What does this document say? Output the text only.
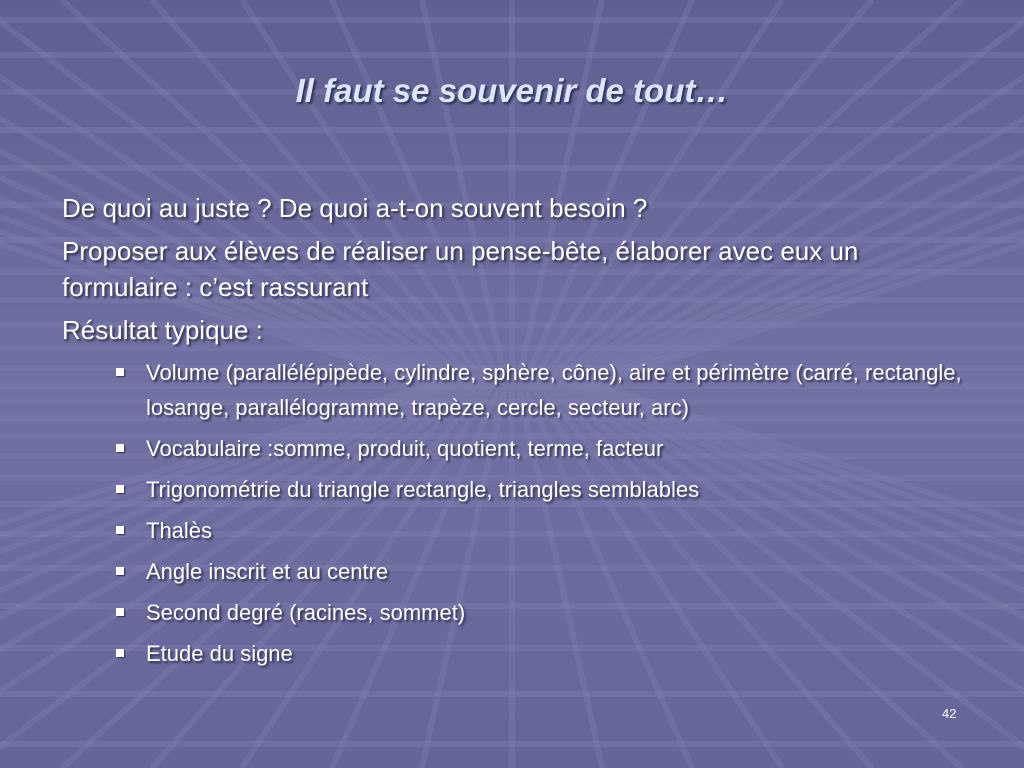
Il faut se souvenir de tout…

De quoi au juste ? De quoi a-t-on souvent besoin ?

Proposer aux élèves de réaliser un pense-bête, élaborer avec eux un formulaire : c’est rassurant

Résultat typique :

Volume (parallélépipède, cylindre, sphère, cône), aire et périmètre (carré, rectangle, losange, parallélogramme, trapèze, cercle, secteur, arc)
Vocabulaire :somme, produit, quotient, terme, facteur
Trigonométrie du triangle rectangle, triangles semblables
Thalès
Angle inscrit et au centre
Second degré (racines, sommet)
Etude du signe
42
